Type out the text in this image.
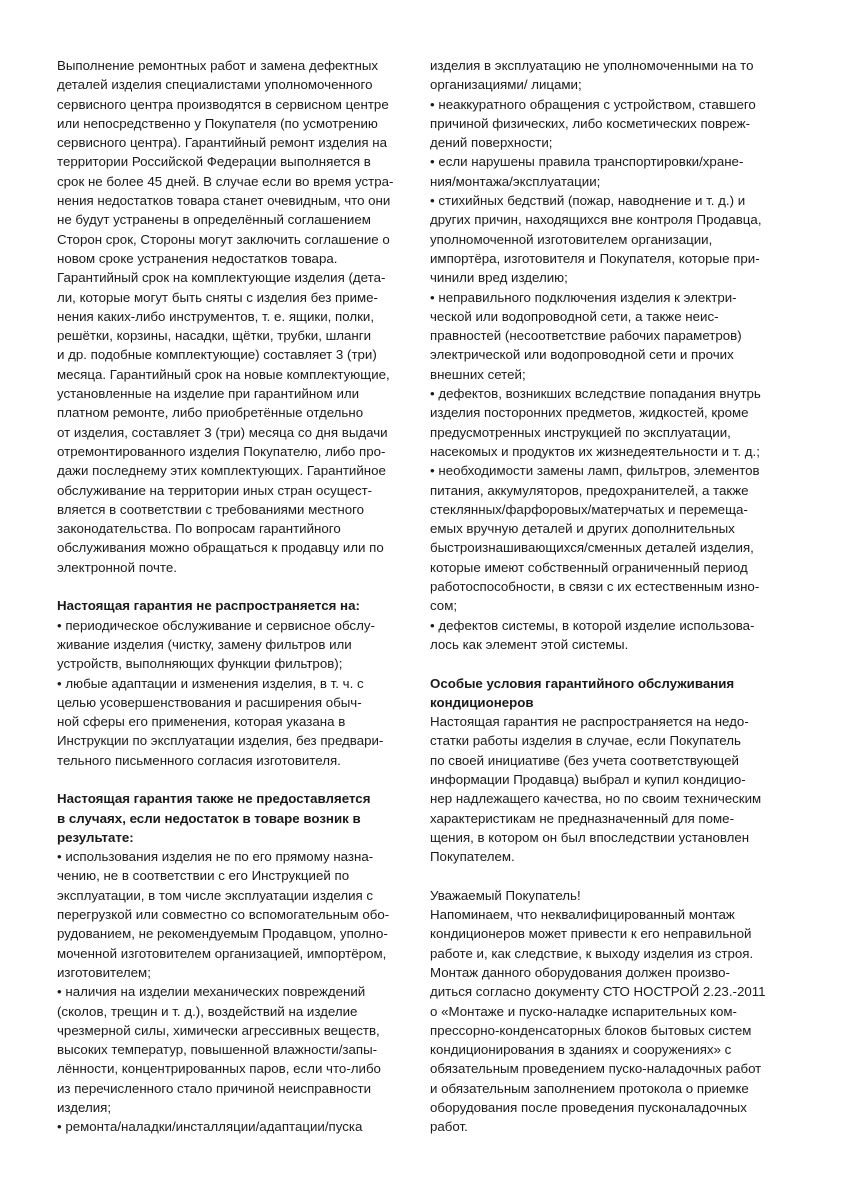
Выполнение ремонтных работ и замена дефектных
деталей изделия специалистами уполномоченного
сервисного центра производятся в сервисном центре
или непосредственно у Покупателя (по усмотрению
сервисного центра). Гарантийный ремонт изделия на
территории Российской Федерации выполняется в
срок не более 45 дней. В случае если во время устра-
нения недостатков товара станет очевидным, что они
не будут устранены в определённый соглашением
Сторон срок, Стороны могут заключить соглашение о
новом сроке устранения недостатков товара.
Гарантийный срок на комплектующие изделия (дета-
ли, которые могут быть сняты с изделия без приме-
нения каких-либо инструментов, т. е. ящики, полки,
решётки, корзины, насадки, щётки, трубки, шланги
и др. подобные комплектующие) составляет 3 (три)
месяца. Гарантийный срок на новые комплектующие,
установленные на изделие при гарантийном или
платном ремонте, либо приобретённые отдельно
от изделия, составляет 3 (три) месяца со дня выдачи
отремонтированного изделия Покупателю, либо про-
дажи последнему этих комплектующих. Гарантийное
обслуживание на территории иных стран осущест-
вляется в соответствии с требованиями местного
законодательства. По вопросам гарантийного
обслуживания можно обращаться к продавцу или по
электронной почте.
Настоящая гарантия не распространяется на:
• периодическое обслуживание и сервисное обслу-
живание изделия (чистку, замену фильтров или
устройств, выполняющих функции фильтров);
• любые адаптации и изменения изделия, в т. ч. с
целью усовершенствования и расширения обыч-
ной сферы его применения, которая указана в
Инструкции по эксплуатации изделия, без предвари-
тельного письменного согласия изготовителя.
Настоящая гарантия также не предоставляется
в случаях, если недостаток в товаре возник в
результате:
• использования изделия не по его прямому назна-
чению, не в соответствии с его Инструкцией по
эксплуатации, в том числе эксплуатации изделия с
перегрузкой или совместно со вспомогательным обо-
рудованием, не рекомендуемым Продавцом, уполно-
моченной изготовителем организацией, импортёром,
изготовителем;
• наличия на изделии механических повреждений
(сколов, трещин и т. д.), воздействий на изделие
чрезмерной силы, химически агрессивных веществ,
высоких температур, повышенной влажности/запы-
лённости, концентрированных паров, если что-либо
из перечисленного стало причиной неисправности
изделия;
• ремонта/наладки/инсталляции/адаптации/пуска
изделия в эксплуатацию не уполномоченными на то
организациями/ лицами;
• неаккуратного обращения с устройством, ставшего
причиной физических, либо косметических повреж-
дений поверхности;
• если нарушены правила транспортировки/хране-
ния/монтажа/эксплуатации;
• стихийных бедствий (пожар, наводнение и т. д.) и
других причин, находящихся вне контроля Продавца,
уполномоченной изготовителем организации,
импортёра, изготовителя и Покупателя, которые при-
чинили вред изделию;
• неправильного подключения изделия к электри-
ческой или водопроводной сети, а также неис-
правностей (несоответствие рабочих параметров)
электрической или водопроводной сети и прочих
внешних сетей;
• дефектов, возникших вследствие попадания внутрь
изделия посторонних предметов, жидкостей, кроме
предусмотренных инструкцией по эксплуатации,
насекомых и продуктов их жизнедеятельности и т. д.;
• необходимости замены ламп, фильтров, элементов
питания, аккумуляторов, предохранителей, а также
стеклянных/фарфоровых/матерчатых и перемеща-
емых вручную деталей и других дополнительных
быстроизнашивающихся/сменных деталей изделия,
которые имеют собственный ограниченный период
работоспособности, в связи с их естественным изно-
сом;
• дефектов системы, в которой изделие использова-
лось как элемент этой системы.
Особые условия гарантийного обслуживания
кондиционеров
Настоящая гарантия не распространяется на недо-
статки работы изделия в случае, если Покупатель
по своей инициативе (без учета соответствующей
информации Продавца) выбрал и купил кондицио-
нер надлежащего качества, но по своим техническим
характеристикам не предназначенный для поме-
щения, в котором он был впоследствии установлен
Покупателем.
Уважаемый Покупатель!
Напоминаем, что неквалифицированный монтаж
кондиционеров может привести к его неправильной
работе и, как следствие, к выходу изделия из строя.
Монтаж данного оборудования должен произво-
диться согласно документу СТО НОСТРОЙ 2.23.-2011
о «Монтаже и пуско-наладке испарительных ком-
прессорно-конденсаторных блоков бытовых систем
кондиционирования в зданиях и сооружениях» с
обязательным проведением пуско-наладочных работ
и обязательным заполнением протокола о приемке
оборудования после проведения пусконаладочных
работ.
